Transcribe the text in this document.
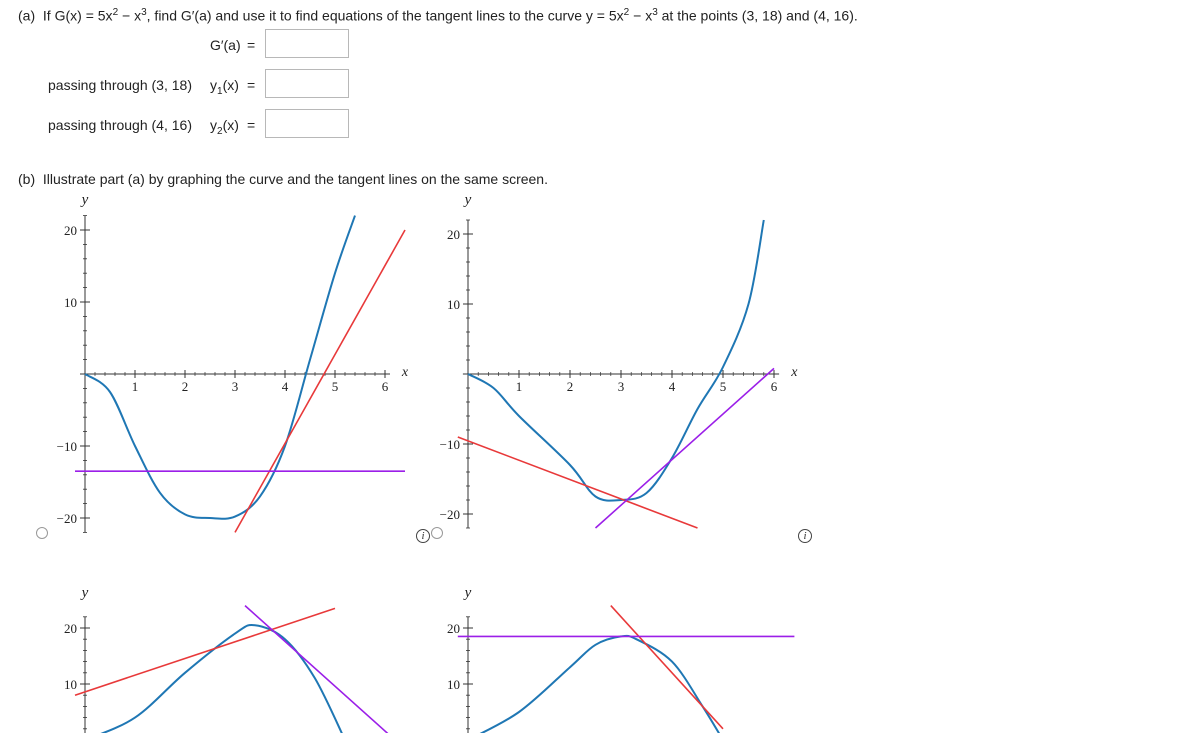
(a) If $G(x) = 5x^2 - x^3$, find G′(a) and use it to find equations of the tangent lines to the curve $y = 5x^2 - x^3$ at the points (3, 18) and (4, 16).
G′(a) =
passing through (3, 18) $y_1(x)$ =
passing through (4, 16) $y_2(x)$ =
(b) Illustrate part (a) by graphing the curve and the tangent lines on the same screen.
1	2	3	4	5	6
x
20
10
−10
−20
y
1	2	3	4	5	6
x
20
10
−10
−20
y
20
10
y
20
10
y
i	i
